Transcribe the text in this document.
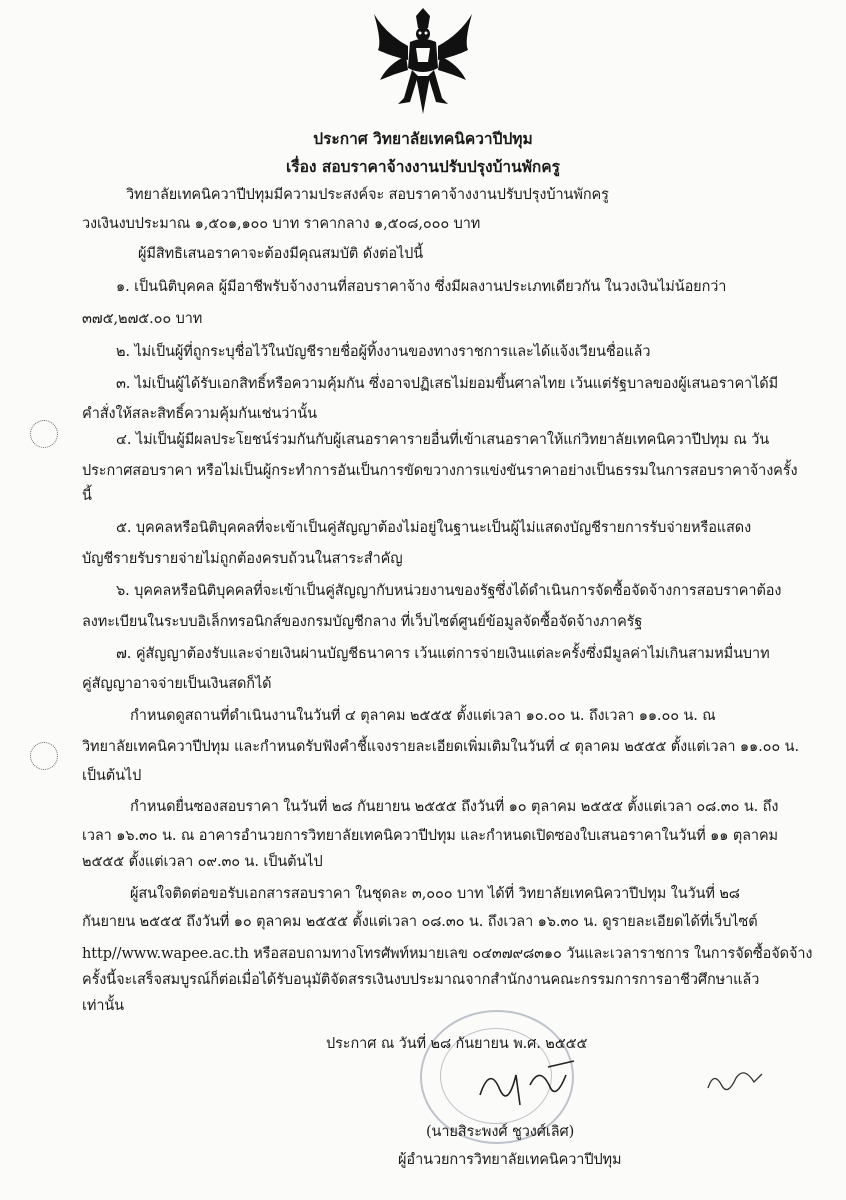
ประกาศ วิทยาลัยเทคนิควาปีปทุม
เรื่อง สอบราคาจ้างงานปรับปรุงบ้านพักครู
วิทยาลัยเทคนิควาปีปทุมมีความประสงค์จะ สอบราคาจ้างงานปรับปรุงบ้านพักครู
วงเงินงบประมาณ ๑,๕๐๑,๑๐๐ บาท ราคากลาง ๑,๕๐๘,๐๐๐ บาท
ผู้มีสิทธิเสนอราคาจะต้องมีคุณสมบัติ ดังต่อไปนี้
๑. เป็นนิติบุคคล ผู้มีอาชีพรับจ้างงานที่สอบราคาจ้าง ซึ่งมีผลงานประเภทเดียวกัน ในวงเงินไม่น้อยกว่า
๓๗๕,๒๗๕.๐๐ บาท
๒. ไม่เป็นผู้ที่ถูกระบุชื่อไว้ในบัญชีรายชื่อผู้ทิ้งงานของทางราชการและได้แจ้งเวียนชื่อแล้ว
๓. ไม่เป็นผู้ได้รับเอกสิทธิ์หรือความคุ้มกัน ซึ่งอาจปฏิเสธไม่ยอมขึ้นศาลไทย เว้นแต่รัฐบาลของผู้เสนอราคาได้มี
คำสั่งให้สละสิทธิ์ความคุ้มกันเช่นว่านั้น
๔. ไม่เป็นผู้มีผลประโยชน์ร่วมกันกับผู้เสนอราคารายอื่นที่เข้าเสนอราคาให้แก่วิทยาลัยเทคนิควาปีปทุม ณ วัน
ประกาศสอบราคา หรือไม่เป็นผู้กระทำการอันเป็นการขัดขวางการแข่งขันราคาอย่างเป็นธรรมในการสอบราคาจ้างครั้ง
นี้
๕. บุคคลหรือนิติบุคคลที่จะเข้าเป็นคู่สัญญาต้องไม่อยู่ในฐานะเป็นผู้ไม่แสดงบัญชีรายการรับจ่ายหรือแสดง
บัญชีรายรับรายจ่ายไม่ถูกต้องครบถ้วนในสาระสำคัญ
๖. บุคคลหรือนิติบุคคลที่จะเข้าเป็นคู่สัญญากับหน่วยงานของรัฐซึ่งได้ดำเนินการจัดซื้อจัดจ้างการสอบราคาต้อง
ลงทะเบียนในระบบอิเล็กทรอนิกส์ของกรมบัญชีกลาง ที่เว็บไซต์ศูนย์ข้อมูลจัดซื้อจัดจ้างภาครัฐ
๗. คู่สัญญาต้องรับและจ่ายเงินผ่านบัญชีธนาคาร เว้นแต่การจ่ายเงินแต่ละครั้งซึ่งมีมูลค่าไม่เกินสามหมื่นบาท
คู่สัญญาอาจจ่ายเป็นเงินสดก็ได้
กำหนดดูสถานที่ดำเนินงานในวันที่ ๔ ตุลาคม ๒๕๕๕ ตั้งแต่เวลา ๑๐.๐๐ น. ถึงเวลา ๑๑.๐๐ น. ณ
วิทยาลัยเทคนิควาปีปทุม และกำหนดรับฟังคำชี้แจงรายละเอียดเพิ่มเติมในวันที่ ๔ ตุลาคม ๒๕๕๕ ตั้งแต่เวลา ๑๑.๐๐ น.
เป็นต้นไป
กำหนดยื่นซองสอบราคา ในวันที่ ๒๘ กันยายน ๒๕๕๕ ถึงวันที่ ๑๐ ตุลาคม ๒๕๕๕ ตั้งแต่เวลา ๐๘.๓๐ น. ถึง
เวลา ๑๖.๓๐ น. ณ อาคารอำนวยการวิทยาลัยเทคนิควาปีปทุม และกำหนดเปิดซองใบเสนอราคาในวันที่ ๑๑ ตุลาคม
๒๕๕๕ ตั้งแต่เวลา ๐๙.๓๐ น. เป็นต้นไป
ผู้สนใจติดต่อขอรับเอกสารสอบราคา ในชุดละ ๓,๐๐๐ บาท ได้ที่ วิทยาลัยเทคนิควาปีปทุม ในวันที่ ๒๘
กันยายน ๒๕๕๕ ถึงวันที่ ๑๐ ตุลาคม ๒๕๕๕ ตั้งแต่เวลา ๐๘.๓๐ น. ถึงเวลา ๑๖.๓๐ น. ดูรายละเอียดได้ที่เว็บไซต์
http//www.wapee.ac.th หรือสอบถามทางโทรศัพท์หมายเลข ๐๔๓๗๙๘๓๑๐ วันและเวลาราชการ ในการจัดซื้อจัดจ้าง
ครั้งนี้จะเสร็จสมบูรณ์ก็ต่อเมื่อได้รับอนุมัติจัดสรรเงินงบประมาณจากสำนักงานคณะกรรมการการอาชีวศึกษาแล้ว
เท่านั้น
ประกาศ ณ วันที่ ๒๘ กันยายน พ.ศ. ๒๕๕๕
(นายสิระพงศ์ ชูวงศ์เลิศ)
ผู้อำนวยการวิทยาลัยเทคนิควาปีปทุม
